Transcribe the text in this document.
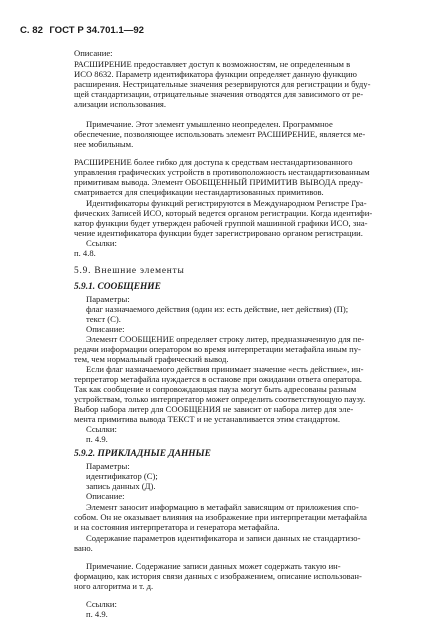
С. 82 ГОСТ Р 34.701.1—92
Описание:
РАСШИРЕНИЕ предоставляет доступ к возможностям, не определенным в
ИСО 8632. Параметр идентификатора функции определяет данную функцию
расширения. Нестрицательные значения резервируются для регистрации и буду-
щей стандартизации, отрицательные значения отводятся для зависимого от ре-
ализации использования.
Примечание. Этот элемент умышленно неопределен. Программное
обеспечение, позволяющее использовать элемент РАСШИРЕНИЕ, является ме-
нее мобильным.
РАСШИРЕНИЕ более гибко для доступа к средствам нестандартизованного
управления графических устройств в противоположность нестандартизованным
примитивам вывода. Элемент ОБОБЩЕННЫЙ ПРИМИТИВ ВЫВОДА преду-
сматривается для спецификации нестандартизованных примитивов.
Идентификаторы функций регистрируются в Международном Регистре Гра-
фических Записей ИСО, который ведется органом регистрации. Когда идентифи-
катор функции будет утвержден рабочей группой машинной графики ИСО, зна-
чение идентификатора функции будет зарегистрировано органом регистрации.
Ссылки:
п. 4.8.
5.9. Внешние элементы
5.9.1. СООБЩЕНИЕ
Параметры:
флаг назначаемого действия (один из: есть действие, нет действия) (П);
текст (С).
Описание:
Элемент СООБЩЕНИЕ определяет строку литер, предназначенную для пе-
редачи информации оператором во время интерпретации метафайла иным пу-
тем, чем нормальный графический вывод.
Если флаг назначаемого действия принимает значение «есть действие», ин-
терпретатор метафайла нуждается в останове при ожидании ответа оператора.
Так как сообщение и сопровождающая пауза могут быть адресованы разным
устройствам, только интерпретатор может определить соответствующую паузу.
Выбор набора литер для СООБЩЕНИЯ не зависит от набора литер для эле-
мента примитива вывода ТЕКСТ и не устанавливается этим стандартом.
Ссылки:
п. 4.9.
5.9.2. ПРИКЛАДНЫЕ ДАННЫЕ
Параметры:
идентификатор (С);
запись данных (Д).
Описание:
Элемент заносит информацию в метафайл зависящим от приложения спо-
собом. Он не оказывает влияния на изображение при интерпретации метафайла
и на состояния интерпретатора и генератора метафайла.
Содержание параметров идентификатора и записи данных не стандартизо-
вано.
Примечание. Содержание записи данных может содержать такую ин-
формацию, как история связи данных с изображением, описание использован-
ного алгоритма и т. д.
Ссылки:
п. 4.9.
